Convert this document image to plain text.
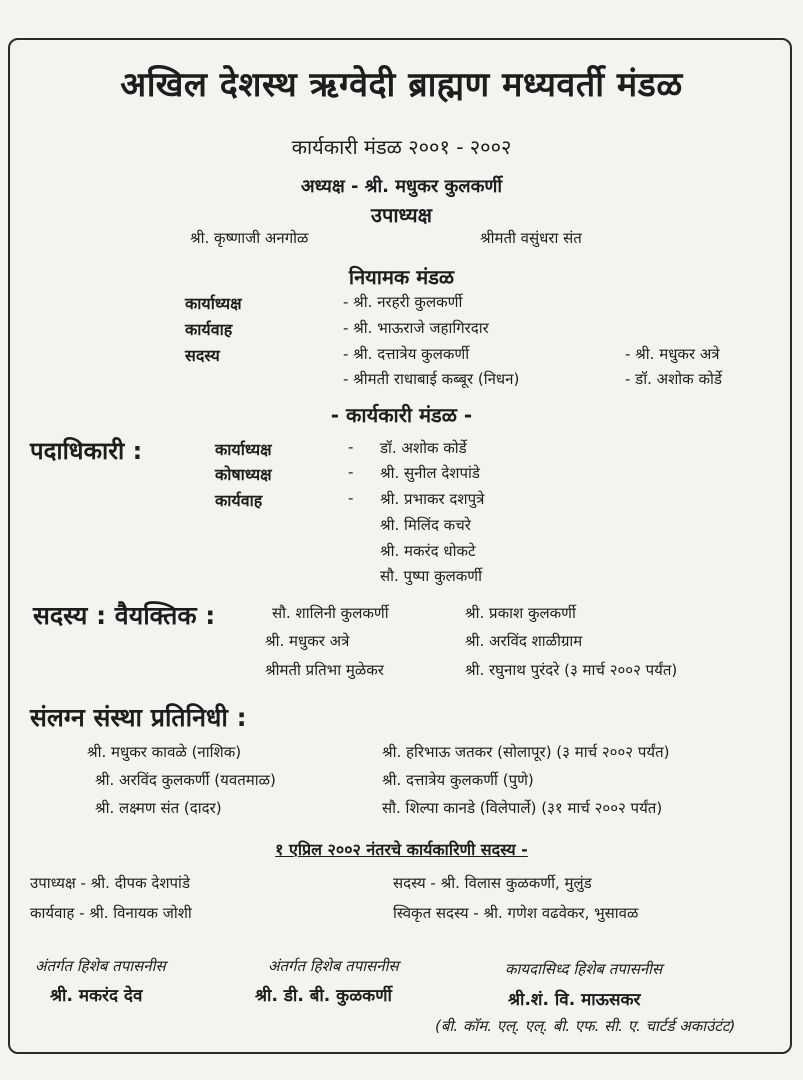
अखिल देशस्थ ऋग्वेदी ब्राह्मण मध्यवर्ती मंडळ
कार्यकारी मंडळ २००१ - २००२
अध्यक्ष - श्री. मधुकर कुलकर्णी
उपाध्यक्ष
श्री. कृष्णाजी अनगोळ	श्रीमती वसुंधरा संत
नियामक मंडळ
कार्याध्यक्ष	- श्री. नरहरी कुलकर्णी
कार्यवाह	- श्री. भाऊराजे जहागिरदार
सदस्य	- श्री. दत्तात्रेय कुलकर्णी	- श्री. मधुकर अत्रे
- श्रीमती राधाबाई कब्बूर (निधन)	- डॉ. अशोक कोर्डे
- कार्यकारी मंडळ -
पदाधिकारी :	कार्याध्यक्ष	- डॉ. अशोक कोर्डे
कोषाध्यक्ष	- श्री. सुनील देशपांडे
कार्यवाह	- श्री. प्रभाकर दशपुत्रे
श्री. मिलिंद कचरे
श्री. मकरंद धोकटे
सौ. पुष्पा कुलकर्णी
सदस्य : वैयक्तिक :	सौ. शालिनी कुलकर्णी	श्री. प्रकाश कुलकर्णी
श्री. मधुकर अत्रे	श्री. अरविंद शाळीग्राम
श्रीमती प्रतिभा मुळेकर	श्री. रघुनाथ पुरंदरे (३ मार्च २००२ पर्यंत)
संलग्न संस्था प्रतिनिधी :
श्री. मधुकर कावळे (नाशिक)	श्री. हरिभाऊ जतकर (सोलापूर) (३ मार्च २००२ पर्यंत)
श्री. अरविंद कुलकर्णी (यवतमाळ)	श्री. दत्तात्रेय कुलकर्णी (पुणे)
श्री. लक्ष्मण संत (दादर)	सौ. शिल्पा कानडे (विलेपार्ले) (३१ मार्च २००२ पर्यंत)
१ एप्रिल २००२ नंतरचे कार्यकारिणी सदस्य -
उपाध्यक्ष - श्री. दीपक देशपांडे	सदस्य - श्री. विलास कुळकर्णी, मुलुंड
कार्यवाह - श्री. विनायक जोशी	स्विकृत सदस्य - श्री. गणेश वढवेकर, भुसावळ
अंतर्गत हिशेब तपासनीस
श्री. मकरंद देव
अंतर्गत हिशेब तपासनीस
श्री. डी. बी. कुळकर्णी
कायदासिध्द हिशेब तपासनीस
श्री.शं. वि. माऊसकर
(बी. कॉम. एल्. एल्. बी. एफ. सी. ए. चार्टर्ड अकाउंटंट)
